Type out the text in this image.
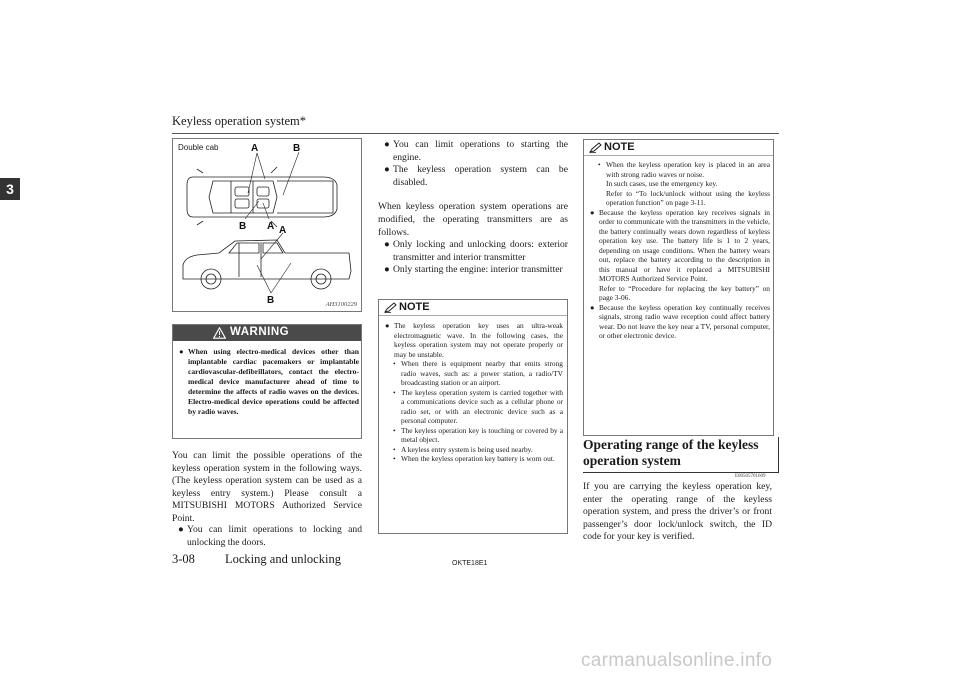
Keyless operation system*
3
A	B
B A A
B
Double cab
AH3100229
WARNING
● When using electro-medical devices other than implantable cardiac pacemakers or implantable cardiovascular-defibrillators, contact the electro-medical device manufacturer ahead of time to determine the affects of radio waves on the devices. Electro-medical device operations could be affected by radio waves.
You can limit the possible operations of the keyless operation system in the following ways. (The keyless operation system can be used as a keyless entry system.) Please consult a MITSUBISHI MOTORS Authorized Service Point.
● You can limit operations to locking and unlocking the doors.
● You can limit operations to starting the engine.
● The keyless operation system can be disabled.
When keyless operation system operations are modified, the operating transmitters are as follows.
● Only locking and unlocking doors: exterior transmitter and interior transmitter
● Only starting the engine: interior transmitter
NOTE
● The keyless operation key uses an ultra-weak electromagnetic wave. In the following cases, the keyless operation system may not operate properly or may be unstable.
• When there is equipment nearby that emits strong radio waves, such as: a power station, a radio/TV broadcasting station or an airport.
• The keyless operation system is carried together with a communications device such as a cellular phone or radio set, or with an electronic device such as a personal computer.
• The keyless operation key is touching or covered by a metal object.
• A keyless entry system is being used nearby.
• When the keyless operation key battery is worn out.
NOTE
• When the keyless operation key is placed in an area with strong radio waves or noise.
In such cases, use the emergency key.
Refer to “To lock/unlock without using the keyless operation function” on page 3-11.
● Because the keyless operation key receives signals in order to communicate with the transmitters in the vehicle, the battery continually wears down regardless of keyless operation key use. The battery life is 1 to 2 years, depending on usage conditions. When the battery wears out, replace the battery according to the description in this manual or have it replaced a MITSUBISHI MOTORS Authorized Service Point.
Refer to “Procedure for replacing the key battery” on page 3-06.
● Because the keyless operation key continually receives signals, strong radio wave reception could affect battery wear. Do not leave the key near a TV, personal computer, or other electronic device.
Operating range of the keyless operation system
E00505701609
If you are carrying the keyless operation key, enter the operating range of the keyless operation system, and press the driver’s or front passenger’s door lock/unlock switch, the ID code for your key is verified.
3-08 Locking and unlocking	OKTE18E1
carmanualsonline.info
